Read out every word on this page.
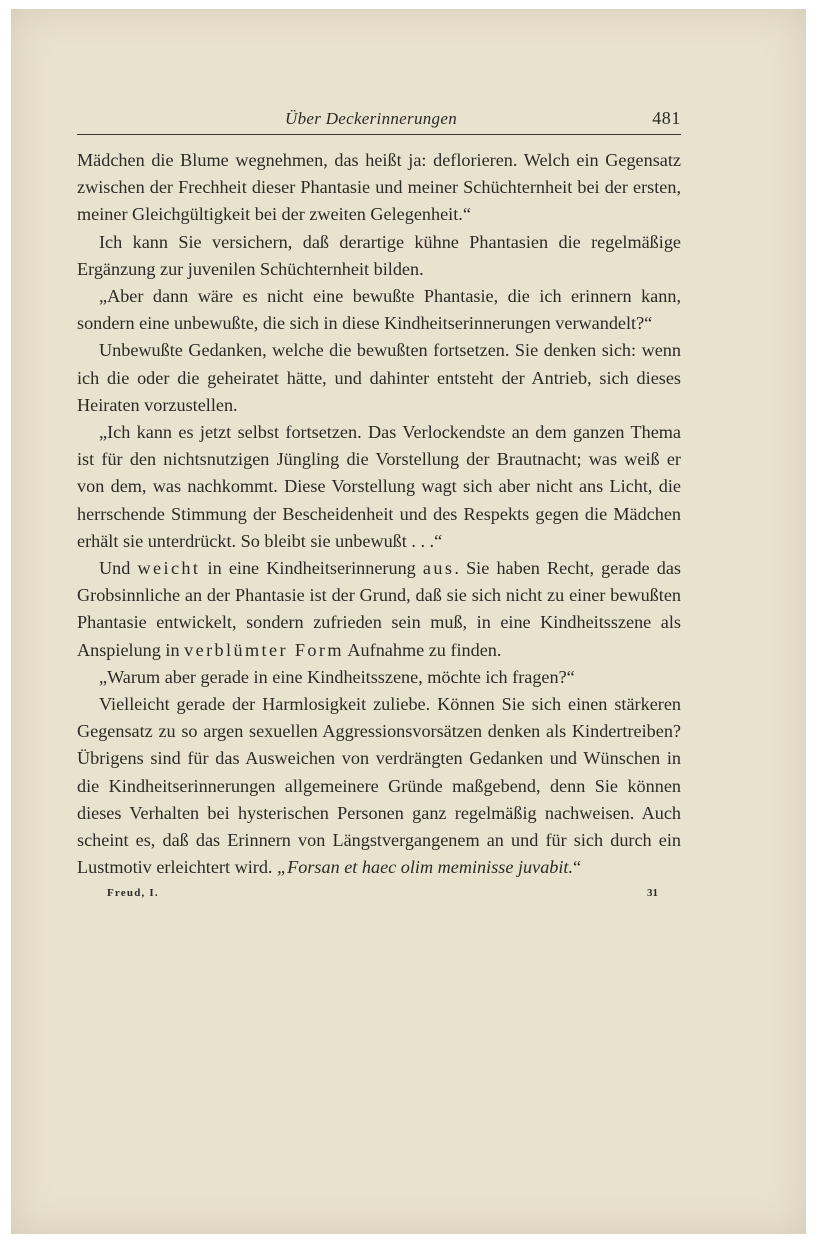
Über Deckerinnerungen	481

Mädchen die Blume wegnehmen, das heißt ja: deflorieren. Welch ein Gegensatz zwischen der Frechheit dieser Phantasie und meiner Schüchternheit bei der ersten, meiner Gleichgültigkeit bei der zweiten Gelegenheit.“

Ich kann Sie versichern, daß derartige kühne Phantasien die regelmäßige Ergänzung zur juvenilen Schüchternheit bilden.

„Aber dann wäre es nicht eine bewußte Phantasie, die ich erinnern kann, sondern eine unbewußte, die sich in diese Kindheitserinnerungen verwandelt?“

Unbewußte Gedanken, welche die bewußten fortsetzen. Sie denken sich: wenn ich die oder die geheiratet hätte, und dahinter entsteht der Antrieb, sich dieses Heiraten vorzustellen.

„Ich kann es jetzt selbst fortsetzen. Das Verlockendste an dem ganzen Thema ist für den nichtsnutzigen Jüngling die Vorstellung der Brautnacht; was weiß er von dem, was nachkommt. Diese Vorstellung wagt sich aber nicht ans Licht, die herrschende Stimmung der Bescheidenheit und des Respekts gegen die Mädchen erhält sie unterdrückt. So bleibt sie unbewußt . . .“

Und weicht in eine Kindheitserinnerung aus. Sie haben Recht, gerade das Grobsinnliche an der Phantasie ist der Grund, daß sie sich nicht zu einer bewußten Phantasie entwickelt, sondern zufrieden sein muß, in eine Kindheitsszene als Anspielung in verblümter Form Aufnahme zu finden.

„Warum aber gerade in eine Kindheitsszene, möchte ich fragen?“

Vielleicht gerade der Harmlosigkeit zuliebe. Können Sie sich einen stärkeren Gegensatz zu so argen sexuellen Aggressionsvorsätzen denken als Kindertreiben? Übrigens sind für das Ausweichen von verdrängten Gedanken und Wünschen in die Kindheitserinnerungen allgemeinere Gründe maßgebend, denn Sie können dieses Verhalten bei hysterischen Personen ganz regelmäßig nachweisen. Auch scheint es, daß das Erinnern von Längstvergangenem an und für sich durch ein Lustmotiv erleichtert wird. „Forsan et haec olim meminisse juvabit.“

Freud, I.	31
